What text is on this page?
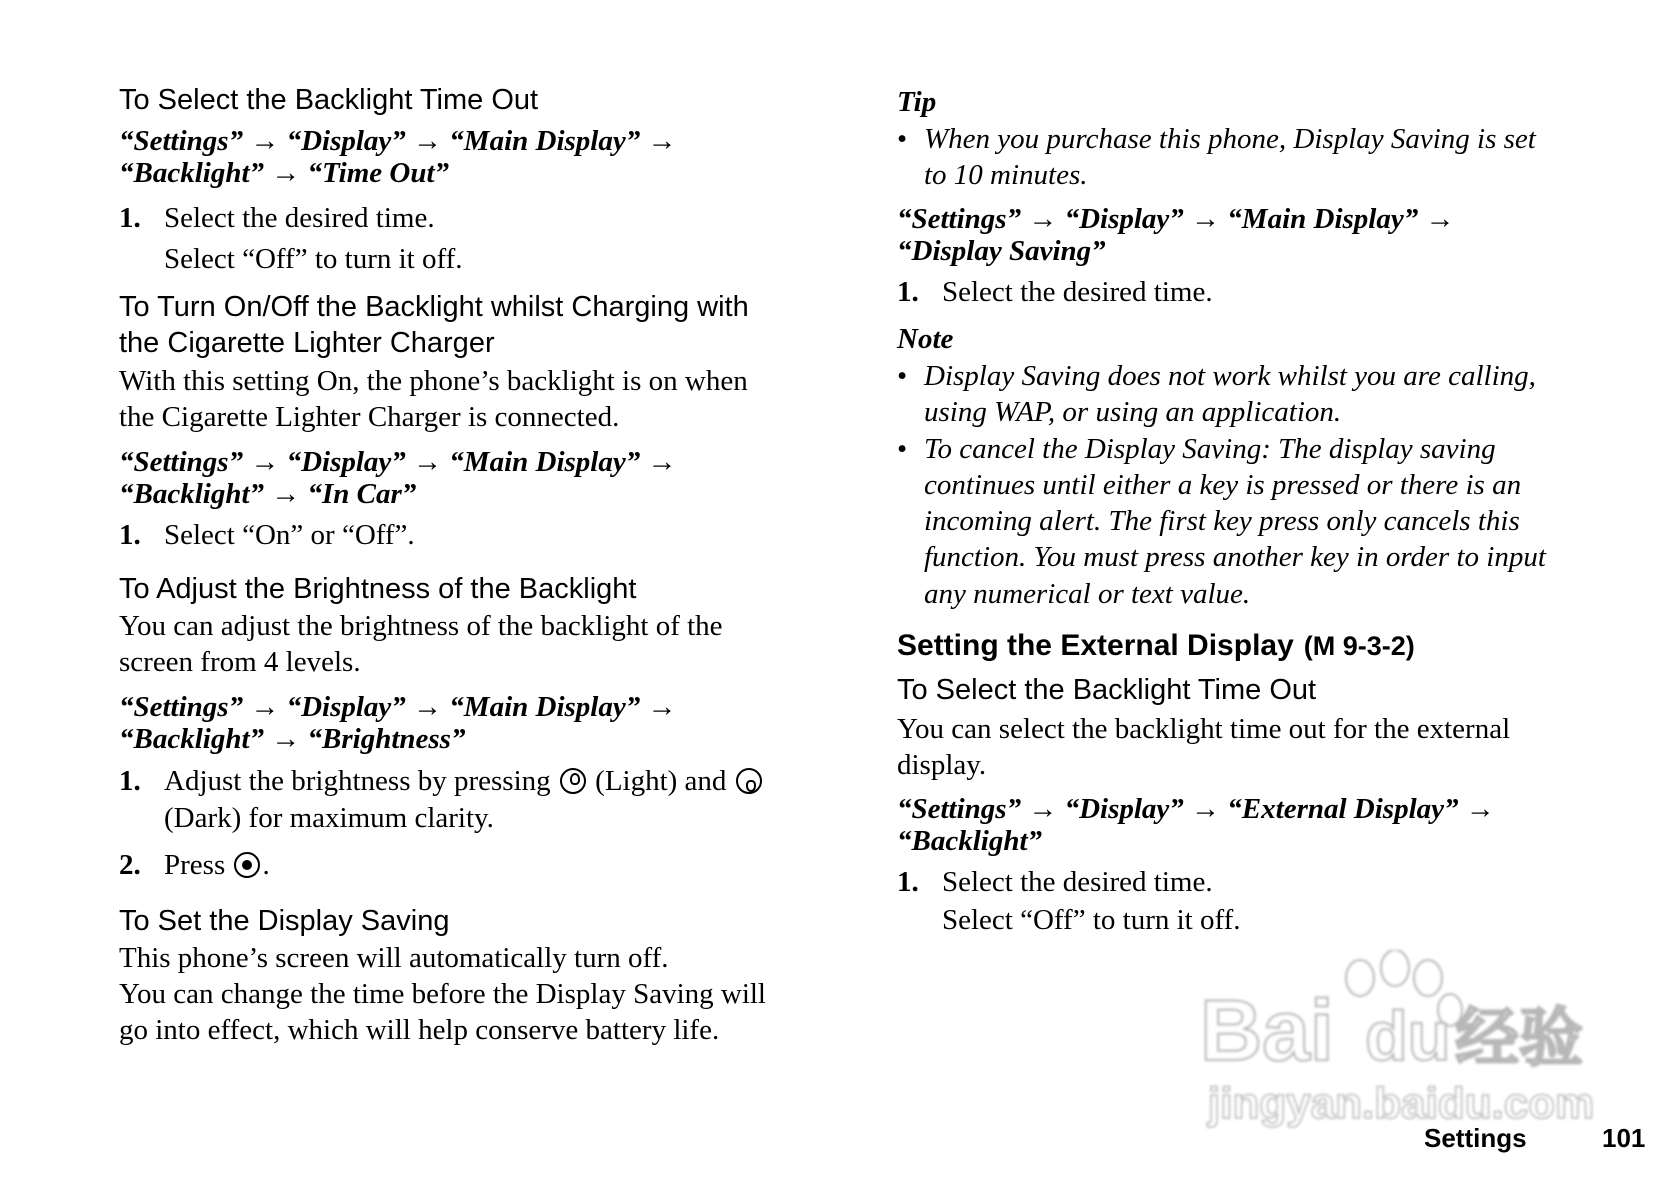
To Select the Backlight Time Out
“Settings” → “Display” → “Main Display” →
“Backlight” → “Time Out”
1. Select the desired time.
Select “Off” to turn it off.
To Turn On/Off the Backlight whilst Charging with
the Cigarette Lighter Charger
With this setting On, the phone’s backlight is on when
the Cigarette Lighter Charger is connected.
“Settings” → “Display” → “Main Display” →
“Backlight” → “In Car”
1. Select “On” or “Off”.
To Adjust the Brightness of the Backlight
You can adjust the brightness of the backlight of the
screen from 4 levels.
“Settings” → “Display” → “Main Display” →
“Backlight” → “Brightness”
1. Adjust the brightness by pressing (Light) and
(Dark) for maximum clarity.
2. Press .
To Set the Display Saving
This phone’s screen will automatically turn off.
You can change the time before the Display Saving will
go into effect, which will help conserve battery life.
Tip
• When you purchase this phone, Display Saving is set
to 10 minutes.
“Settings” → “Display” → “Main Display” →
“Display Saving”
1. Select the desired time.
Note
• Display Saving does not work whilst you are calling,
using WAP, or using an application.
• To cancel the Display Saving: The display saving
continues until either a key is pressed or there is an
incoming alert. The first key press only cancels this
function. You must press another key in order to input
any numerical or text value.
Setting the External Display (M 9-3-2)
To Select the Backlight Time Out
You can select the backlight time out for the external
display.
“Settings” → “Display” → “External Display” →
“Backlight”
1. Select the desired time.
Select “Off” to turn it off.
Bai du 经验
jingyan.baidu.com
Settings	101
